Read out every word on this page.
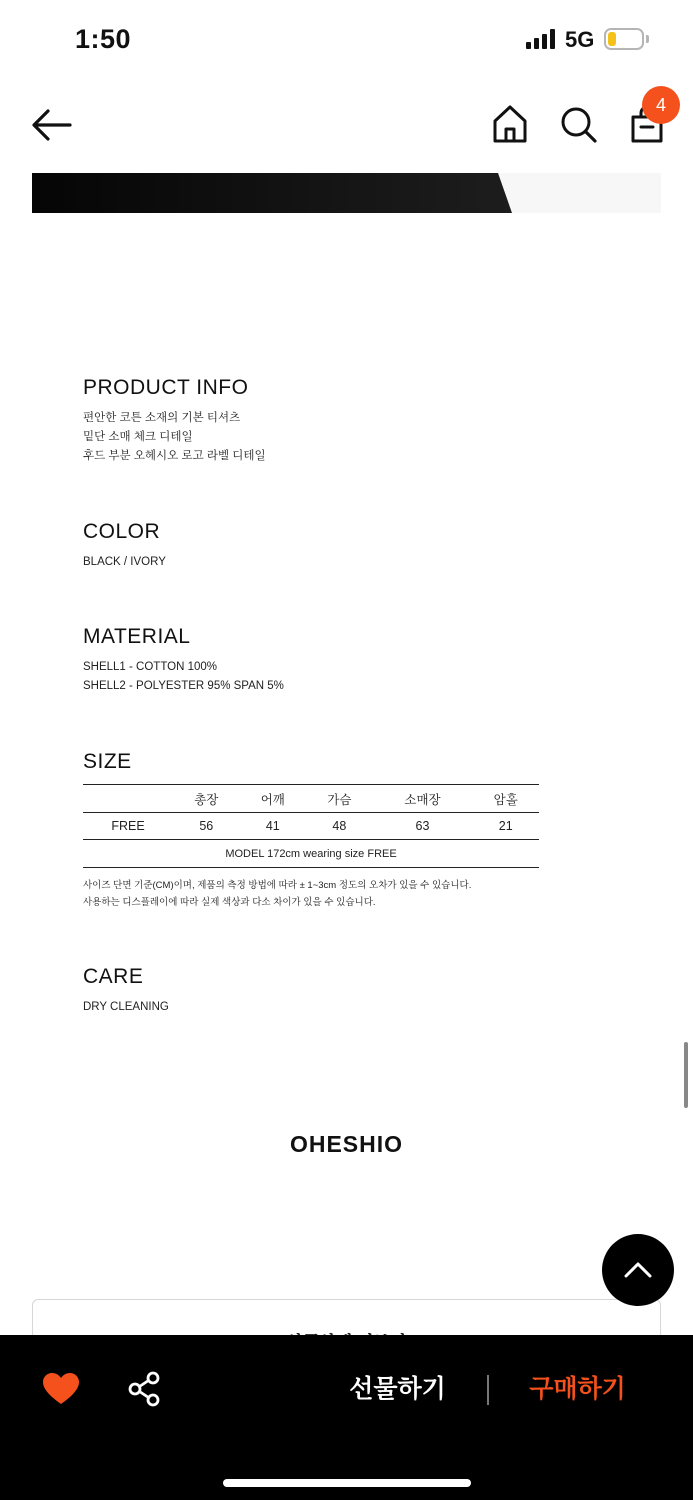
1:50	5G
4
PRODUCT INFO
편안한 코튼 소재의 기본 티셔츠
밑단 소매 체크 디테일
후드 부분 오헤시오 로고 라벨 디테일
COLOR
BLACK / IVORY
MATERIAL
SHELL1 - COTTON 100%
SHELL2 - POLYESTER 95% SPAN 5%
SIZE
	총장	어깨	가슴	소매장	암홀
FREE	56	41	48	63	21
MODEL 172cm wearing size FREE					
사이즈 단면 기준(CM)이며, 제품의 측정 방법에 따라 ± 1~3cm 정도의 오차가 있을 수 있습니다.
사용하는 디스플레이에 따라 실제 색상과 다소 차이가 있을 수 있습니다.
CARE
DRY CLEANING
OHESHIO
선물하기	구매하기
